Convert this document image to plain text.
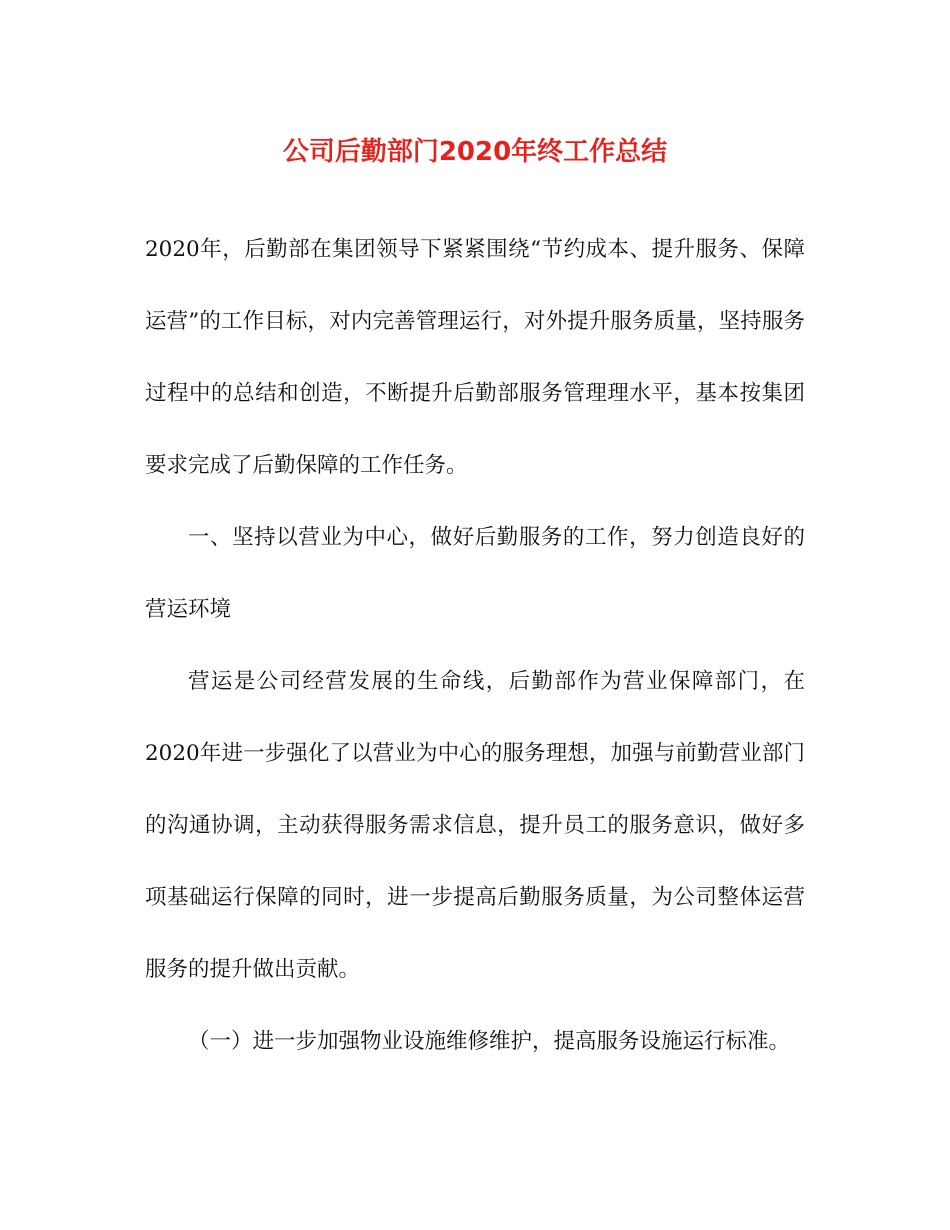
公司后勤部门2020年终工作总结

2020年，后勤部在集团领导下紧紧围绕“节约成本、提升服务、保障运营”的工作目标，对内完善管理运行，对外提升服务质量，坚持服务过程中的总结和创造，不断提升后勤部服务管理理水平，基本按集团要求完成了后勤保障的工作任务。

一、坚持以营业为中心，做好后勤服务的工作，努力创造良好的营运环境

营运是公司经营发展的生命线，后勤部作为营业保障部门，在2020年进一步强化了以营业为中心的服务理想，加强与前勤营业部门的沟通协调，主动获得服务需求信息，提升员工的服务意识，做好多项基础运行保障的同时，进一步提高后勤服务质量，为公司整体运营服务的提升做出贡献。

（一）进一步加强物业设施维修维护，提高服务设施运行标准。
